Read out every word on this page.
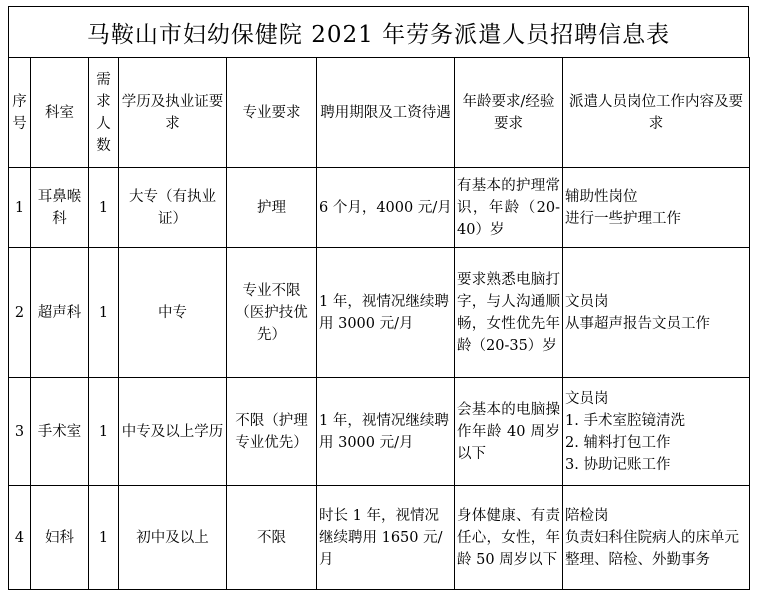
马鞍山市妇幼保健院 2021 年劳务派遣人员招聘信息表
序号	科室	需求人数	学历及执业证要求	专业要求	聘用期限及工资待遇	年龄要求/经验要求	派遣人员岗位工作内容及要求
1	耳鼻喉科	1	大专（有执业证）	护理	6 个月，4000 元/月	有基本的护理常识，年龄（20-40）岁	辅助性岗位
进行一些护理工作
2	超声科	1	中专	专业不限（医护技优先）	1 年，视情况继续聘用 3000 元/月	要求熟悉电脑打字，与人沟通顺畅，女性优先年龄（20-35）岁	文员岗
从事超声报告文员工作
3	手术室	1	中专及以上学历	不限（护理专业优先）	1 年，视情况继续聘用 3000 元/月	会基本的电脑操作年龄 40 周岁以下	文员岗
1. 手术室腔镜清洗
2. 辅料打包工作
3. 协助记账工作
4	妇科	1	初中及以上	不限	时长 1 年，视情况继续聘用 1650 元/月	身体健康、有责任心，女性，年龄 50 周岁以下	陪检岗
负责妇科住院病人的床单元整理、陪检、外勤事务
